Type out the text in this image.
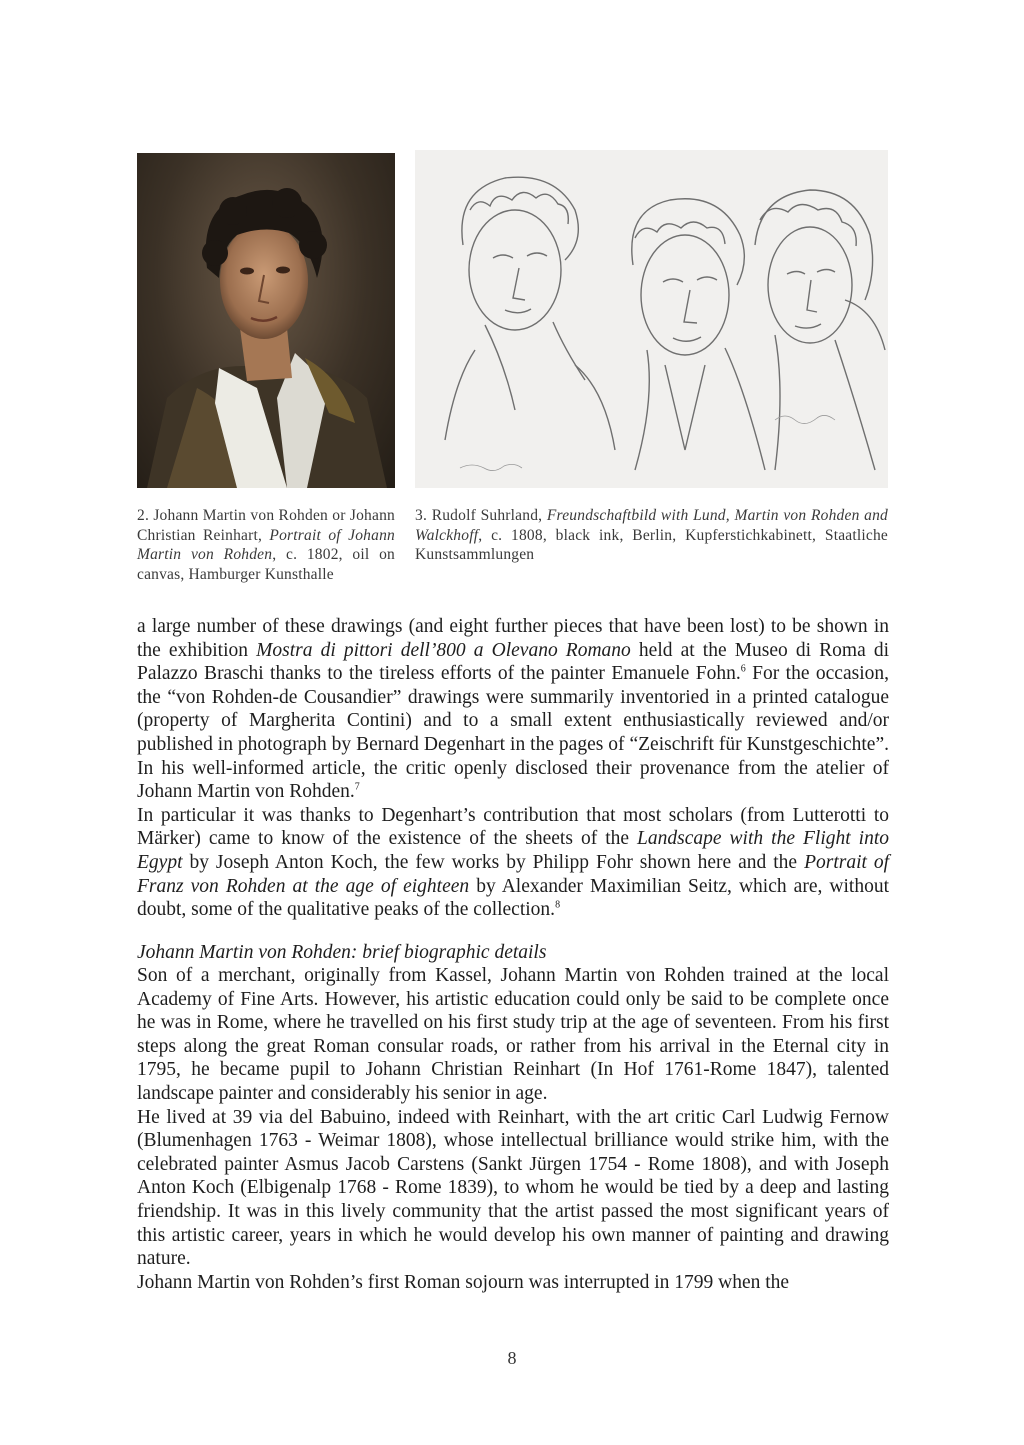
2. Johann Martin von Rohden or Johann Christian Reinhart, Portrait of Johann Martin von Rohden, c. 1802, oil on canvas, Hamburger Kunsthalle
3. Rudolf Suhrland, Freundschaftbild with Lund, Martin von Rohden and Walckhoff, c. 1808, black ink, Berlin, Kupferstichkabinett, Staatliche Kunstsammlungen

a large number of these drawings (and eight further pieces that have been lost) to be shown in the exhibition Mostra di pittori dell’800 a Olevano Romano held at the Museo di Roma di Palazzo Braschi thanks to the tireless efforts of the painter Emanuele Fohn.$^6$ For the occasion, the “von Rohden-de Cousandier” drawings were summarily inventoried in a printed catalogue (property of Margherita Contini) and to a small extent enthusiastically reviewed and/or published in photograph by Bernard Degenhart in the pages of “Zeischrift für Kunstgeschichte”. In his well-informed article, the critic openly disclosed their provenance from the atelier of Johann Martin von Rohden.$^7$

In particular it was thanks to Degenhart’s contribution that most scholars (from Lutterotti to Märker) came to know of the existence of the sheets of the Landscape with the Flight into Egypt by Joseph Anton Koch, the few works by Philipp Fohr shown here and the Portrait of Franz von Rohden at the age of eighteen by Alexander Maximilian Seitz, which are, without doubt, some of the qualitative peaks of the collection.$^8$

Johann Martin von Rohden: brief biographic details

Son of a merchant, originally from Kassel, Johann Martin von Rohden trained at the local Academy of Fine Arts. However, his artistic education could only be said to be complete once he was in Rome, where he travelled on his first study trip at the age of seventeen. From his first steps along the great Roman consular roads, or rather from his arrival in the Eternal city in 1795, he became pupil to Johann Christian Reinhart (In Hof 1761-Rome 1847), talented landscape painter and considerably his senior in age.

He lived at 39 via del Babuino, indeed with Reinhart, with the art critic Carl Ludwig Fernow (Blumenhagen 1763 - Weimar 1808), whose intellectual brilliance would strike him, with the celebrated painter Asmus Jacob Carstens (Sankt Jürgen 1754 - Rome 1808), and with Joseph Anton Koch (Elbigenalp 1768 - Rome 1839), to whom he would be tied by a deep and lasting friendship. It was in this lively community that the artist passed the most significant years of this artistic career, years in which he would develop his own manner of painting and drawing nature.

Johann Martin von Rohden’s first Roman sojourn was interrupted in 1799 when the

8
